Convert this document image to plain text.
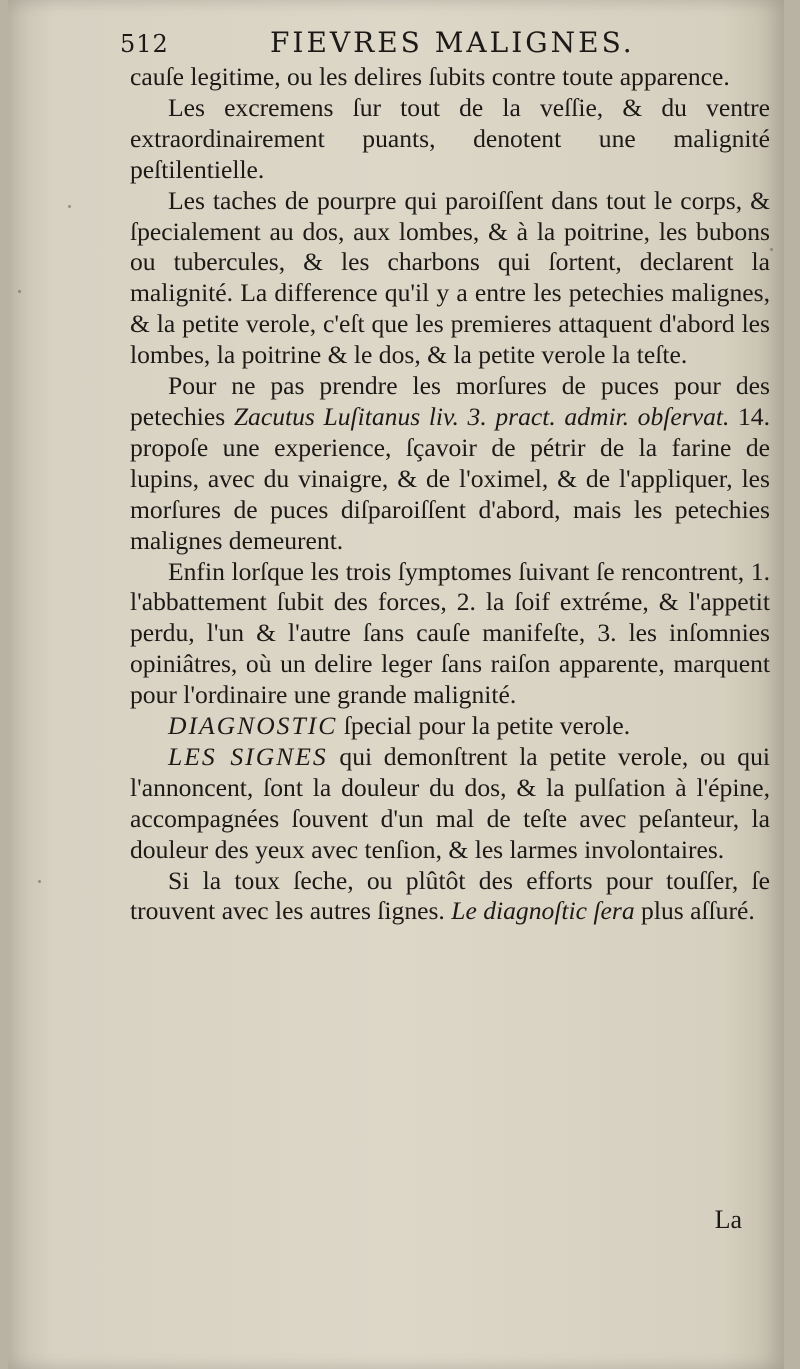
512	FIEVRES MALIGNES.

cauſe legitime, ou les delires ſubits contre toute apparence.

Les excremens ſur tout de la veſſie, & du ventre extraordinairement puants, denotent une malignité peſtilentielle.

Les taches de pourpre qui paroiſſent dans tout le corps, & ſpecialement au dos, aux lombes, & à la poitrine, les bubons ou tubercules, & les charbons qui ſortent, declarent la malignité. La difference qu'il y a entre les petechies malignes, & la petite verole, c'eſt que les premieres attaquent d'abord les lombes, la poitrine & le dos, & la petite verole la teſte.

Pour ne pas prendre les morſures de puces pour des petechies Zacutus Luſitanus liv. 3. pract. admir. obſervat. 14. propoſe une experience, ſçavoir de pétrir de la farine de lupins, avec du vinaigre, & de l'oximel, & de l'appliquer, les morſures de puces diſparoiſſent d'abord, mais les petechies malignes demeurent.

Enfin lorſque les trois ſymptomes ſuivant ſe rencontrent, 1. l'abbattement ſubit des forces, 2. la ſoif extréme, & l'appetit perdu, l'un & l'autre ſans cauſe manifeſte, 3. les inſomnies opiniâtres, où un delire leger ſans raiſon apparente, marquent pour l'ordinaire une grande malignité.

DIAGNOSTIC ſpecial pour la petite verole.

LES SIGNES qui demonſtrent la petite verole, ou qui l'annoncent, ſont la douleur du dos, & la pulſation à l'épine, accompagnées ſouvent d'un mal de teſte avec peſanteur, la douleur des yeux avec tenſion, & les larmes involontaires.

Si la toux ſeche, ou plûtôt des efforts pour touſſer, ſe trouvent avec les autres ſignes. Le diagnoſtic ſera plus aſſuré.

La
